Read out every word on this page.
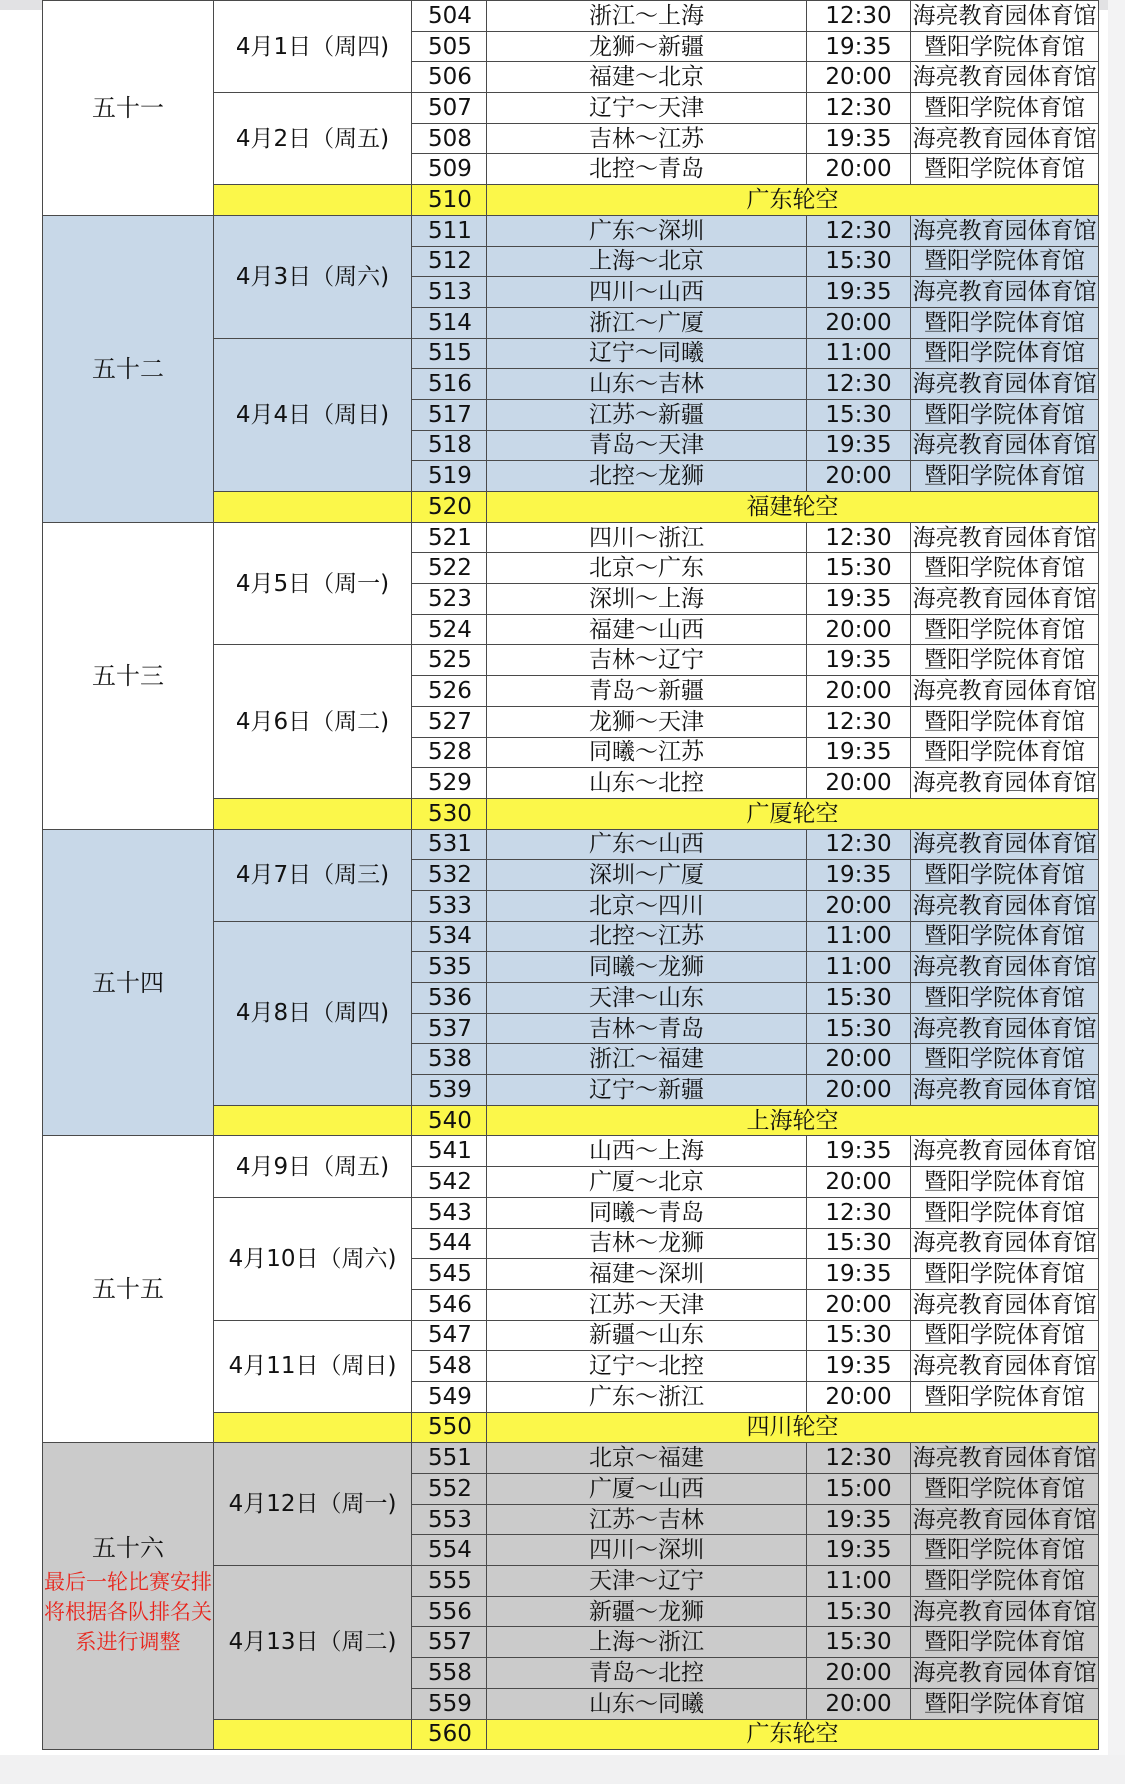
五十一	4月1日（周四)	504	浙江～上海	12:30	海亮教育园体育馆
		505	龙狮～新疆	19:35	暨阳学院体育馆
		506	福建～北京	20:00	海亮教育园体育馆
	4月2日（周五)	507	辽宁～天津	12:30	暨阳学院体育馆
		508	吉林～江苏	19:35	海亮教育园体育馆
		509	北控～青岛	20:00	暨阳学院体育馆
		510	广东轮空		

五十二	4月3日（周六)	511	广东～深圳	12:30	海亮教育园体育馆
		512	上海～北京	15:30	暨阳学院体育馆
		513	四川～山西	19:35	海亮教育园体育馆
		514	浙江～广厦	20:00	暨阳学院体育馆
	4月4日（周日)	515	辽宁～同曦	11:00	暨阳学院体育馆
		516	山东～吉林	12:30	海亮教育园体育馆
		517	江苏～新疆	15:30	暨阳学院体育馆
		518	青岛～天津	19:35	海亮教育园体育馆
		519	北控～龙狮	20:00	暨阳学院体育馆
		520	福建轮空		

五十三	4月5日（周一)	521	四川～浙江	12:30	海亮教育园体育馆
		522	北京～广东	15:30	暨阳学院体育馆
		523	深圳～上海	19:35	海亮教育园体育馆
		524	福建～山西	20:00	暨阳学院体育馆
	4月6日（周二)	525	吉林～辽宁	19:35	暨阳学院体育馆
		526	青岛～新疆	20:00	海亮教育园体育馆
		527	龙狮～天津	12:30	暨阳学院体育馆
		528	同曦～江苏	19:35	暨阳学院体育馆
		529	山东～北控	20:00	海亮教育园体育馆
		530	广厦轮空		

五十四	4月7日（周三)	531	广东～山西	12:30	海亮教育园体育馆
		532	深圳～广厦	19:35	暨阳学院体育馆
		533	北京～四川	20:00	海亮教育园体育馆
	4月8日（周四)	534	北控～江苏	11:00	暨阳学院体育馆
		535	同曦～龙狮	11:00	海亮教育园体育馆
		536	天津～山东	15:30	暨阳学院体育馆
		537	吉林～青岛	15:30	海亮教育园体育馆
		538	浙江～福建	20:00	暨阳学院体育馆
		539	辽宁～新疆	20:00	海亮教育园体育馆
		540	上海轮空		

五十五	4月9日（周五)	541	山西～上海	19:35	海亮教育园体育馆
		542	广厦～北京	20:00	暨阳学院体育馆
	4月10日（周六)	543	同曦～青岛	12:30	暨阳学院体育馆
		544	吉林～龙狮	15:30	海亮教育园体育馆
		545	福建～深圳	19:35	暨阳学院体育馆
		546	江苏～天津	20:00	海亮教育园体育馆
	4月11日（周日)	547	新疆～山东	15:30	暨阳学院体育馆
		548	辽宁～北控	19:35	海亮教育园体育馆
		549	广东～浙江	20:00	暨阳学院体育馆
		550	四川轮空		

五十六
最后一轮比赛安排将根据各队排名关系进行调整	4月12日（周一)	551	北京～福建	12:30	海亮教育园体育馆
		552	广厦～山西	15:00	暨阳学院体育馆
		553	江苏～吉林	19:35	海亮教育园体育馆
		554	四川～深圳	19:35	暨阳学院体育馆
	4月13日（周二)	555	天津～辽宁	11:00	暨阳学院体育馆
		556	新疆～龙狮	15:30	海亮教育园体育馆
		557	上海～浙江	15:30	暨阳学院体育馆
		558	青岛～北控	20:00	海亮教育园体育馆
		559	山东～同曦	20:00	暨阳学院体育馆
		560	广东轮空		
